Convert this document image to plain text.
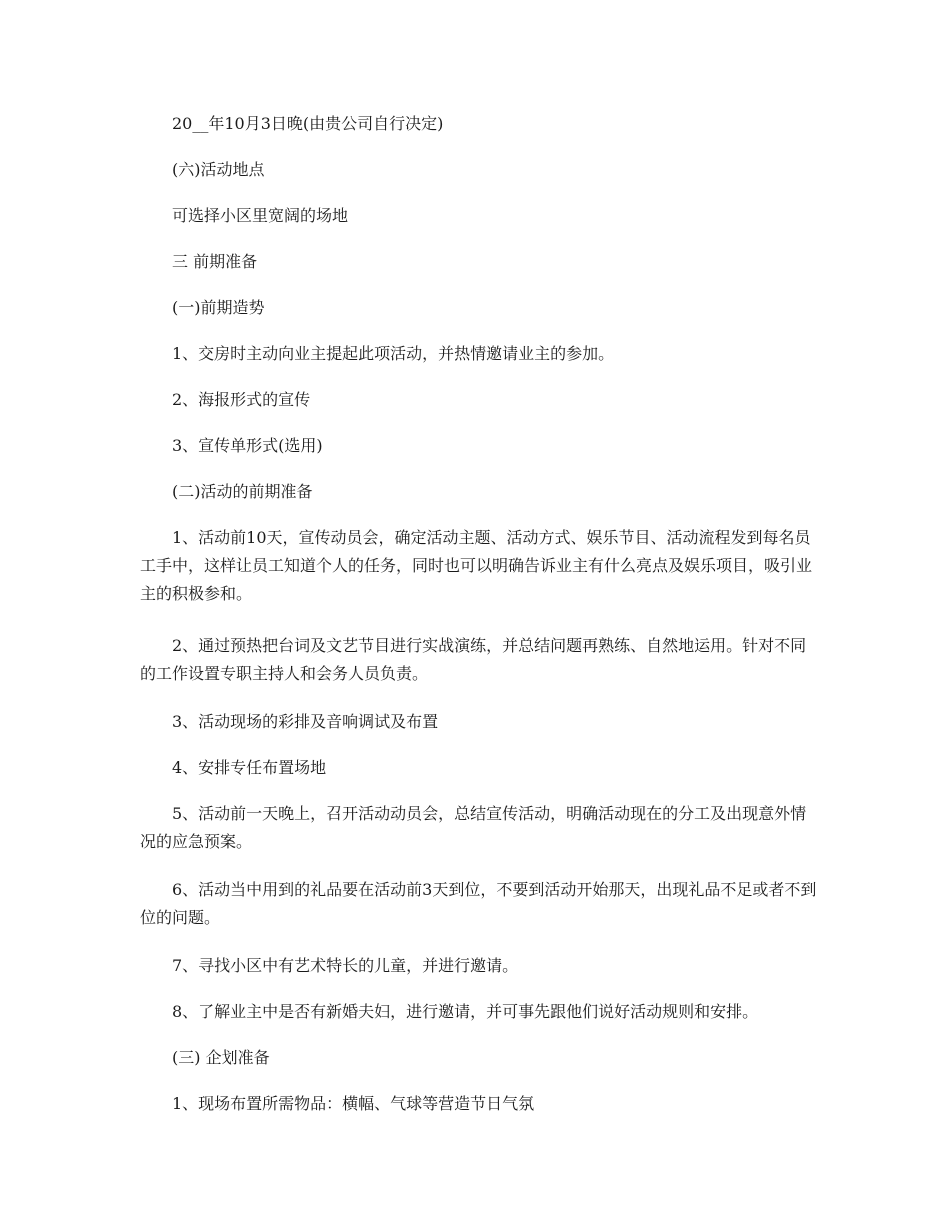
20__年10月3日晚(由贵公司自行决定)

(六)活动地点

可选择小区里宽阔的场地

三 前期准备

(一)前期造势

1、交房时主动向业主提起此项活动，并热情邀请业主的参加。

2、海报形式的宣传

3、宣传单形式(选用)

(二)活动的前期准备

1、活动前10天，宣传动员会，确定活动主题、活动方式、娱乐节目、活动流程发到每名员工手中，这样让员工知道个人的任务，同时也可以明确告诉业主有什么亮点及娱乐项目，吸引业主的积极参和。

2、通过预热把台词及文艺节目进行实战演练，并总结问题再熟练、自然地运用。针对不同的工作设置专职主持人和会务人员负责。

3、活动现场的彩排及音响调试及布置

4、安排专任布置场地

5、活动前一天晚上，召开活动动员会，总结宣传活动，明确活动现在的分工及出现意外情况的应急预案。

6、活动当中用到的礼品要在活动前3天到位，不要到活动开始那天，出现礼品不足或者不到位的问题。

7、寻找小区中有艺术特长的儿童，并进行邀请。

8、了解业主中是否有新婚夫妇，进行邀请，并可事先跟他们说好活动规则和安排。

(三) 企划准备

1、现场布置所需物品：横幅、气球等营造节日气氛
